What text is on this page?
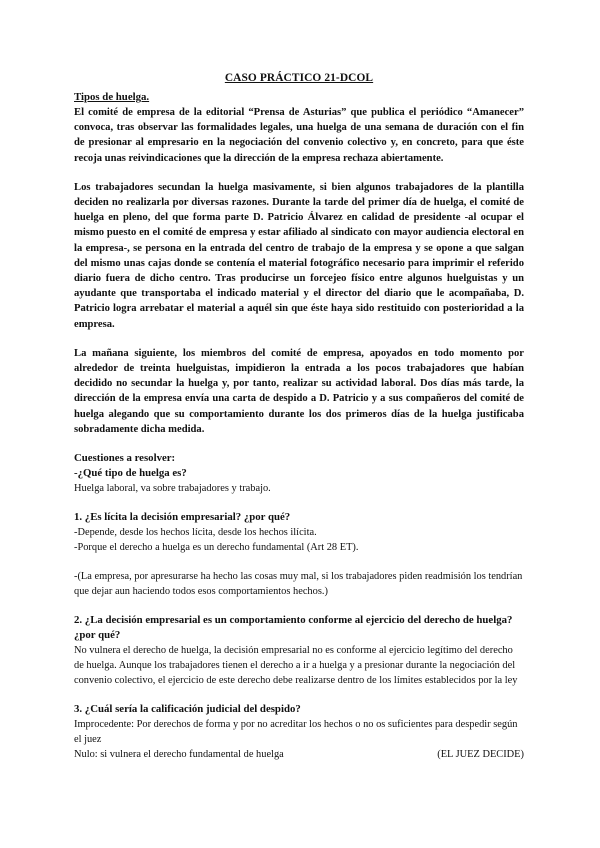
CASO PRÁCTICO 21-DCOL

Tipos de huelga.

El comité de empresa de la editorial “Prensa de Asturias” que publica el periódico “Amanecer” convoca, tras observar las formalidades legales, una huelga de una semana de duración con el fin de presionar al empresario en la negociación del convenio colectivo y, en concreto, para que éste recoja unas reivindicaciones que la dirección de la empresa rechaza abiertamente.

Los trabajadores secundan la huelga masivamente, si bien algunos trabajadores de la plantilla deciden no realizarla por diversas razones. Durante la tarde del primer día de huelga, el comité de huelga en pleno, del que forma parte D. Patricio Álvarez en calidad de presidente -al ocupar el mismo puesto en el comité de empresa y estar afiliado al sindicato con mayor audiencia electoral en la empresa-, se persona en la entrada del centro de trabajo de la empresa y se opone a que salgan del mismo unas cajas donde se contenía el material fotográfico necesario para imprimir el referido diario fuera de dicho centro. Tras producirse un forcejeo físico entre algunos huelguistas y un ayudante que transportaba el indicado material y el director del diario que le acompañaba, D. Patricio logra arrebatar el material a aquél sin que éste haya sido restituido con posterioridad a la empresa.

La mañana siguiente, los miembros del comité de empresa, apoyados en todo momento por alrededor de treinta huelguistas, impidieron la entrada a los pocos trabajadores que habían decidido no secundar la huelga y, por tanto, realizar su actividad laboral. Dos días más tarde, la dirección de la empresa envía una carta de despido a D. Patricio y a sus compañeros del comité de huelga alegando que su comportamiento durante los dos primeros días de la huelga justificaba sobradamente dicha medida.

Cuestiones a resolver:

-¿Qué tipo de huelga es?

Huelga laboral, va sobre trabajadores y trabajo.

1. ¿Es lícita la decisión empresarial? ¿por qué?

-Depende, desde los hechos lícita, desde los hechos ilícita.

-Porque el derecho a huelga es un derecho fundamental (Art 28 ET).

-(La empresa, por apresurarse ha hecho las cosas muy mal, si los trabajadores piden readmisión los tendrían que dejar aun haciendo todos esos comportamientos hechos.)

2. ¿La decisión empresarial es un comportamiento conforme al ejercicio del derecho de huelga? ¿por qué?

No vulnera el derecho de huelga, la decisión empresarial no es conforme al ejercicio legítimo del derecho de huelga. Aunque los trabajadores tienen el derecho a ir a huelga y a presionar durante la negociación del convenio colectivo, el ejercicio de este derecho debe realizarse dentro de los límites establecidos por la ley

3. ¿Cuál sería la calificación judicial del despido?

Improcedente: Por derechos de forma y por no acreditar los hechos o no os suficientes para despedir según el juez

Nulo: si vulnera el derecho fundamental de huelga	(EL JUEZ DECIDE)
